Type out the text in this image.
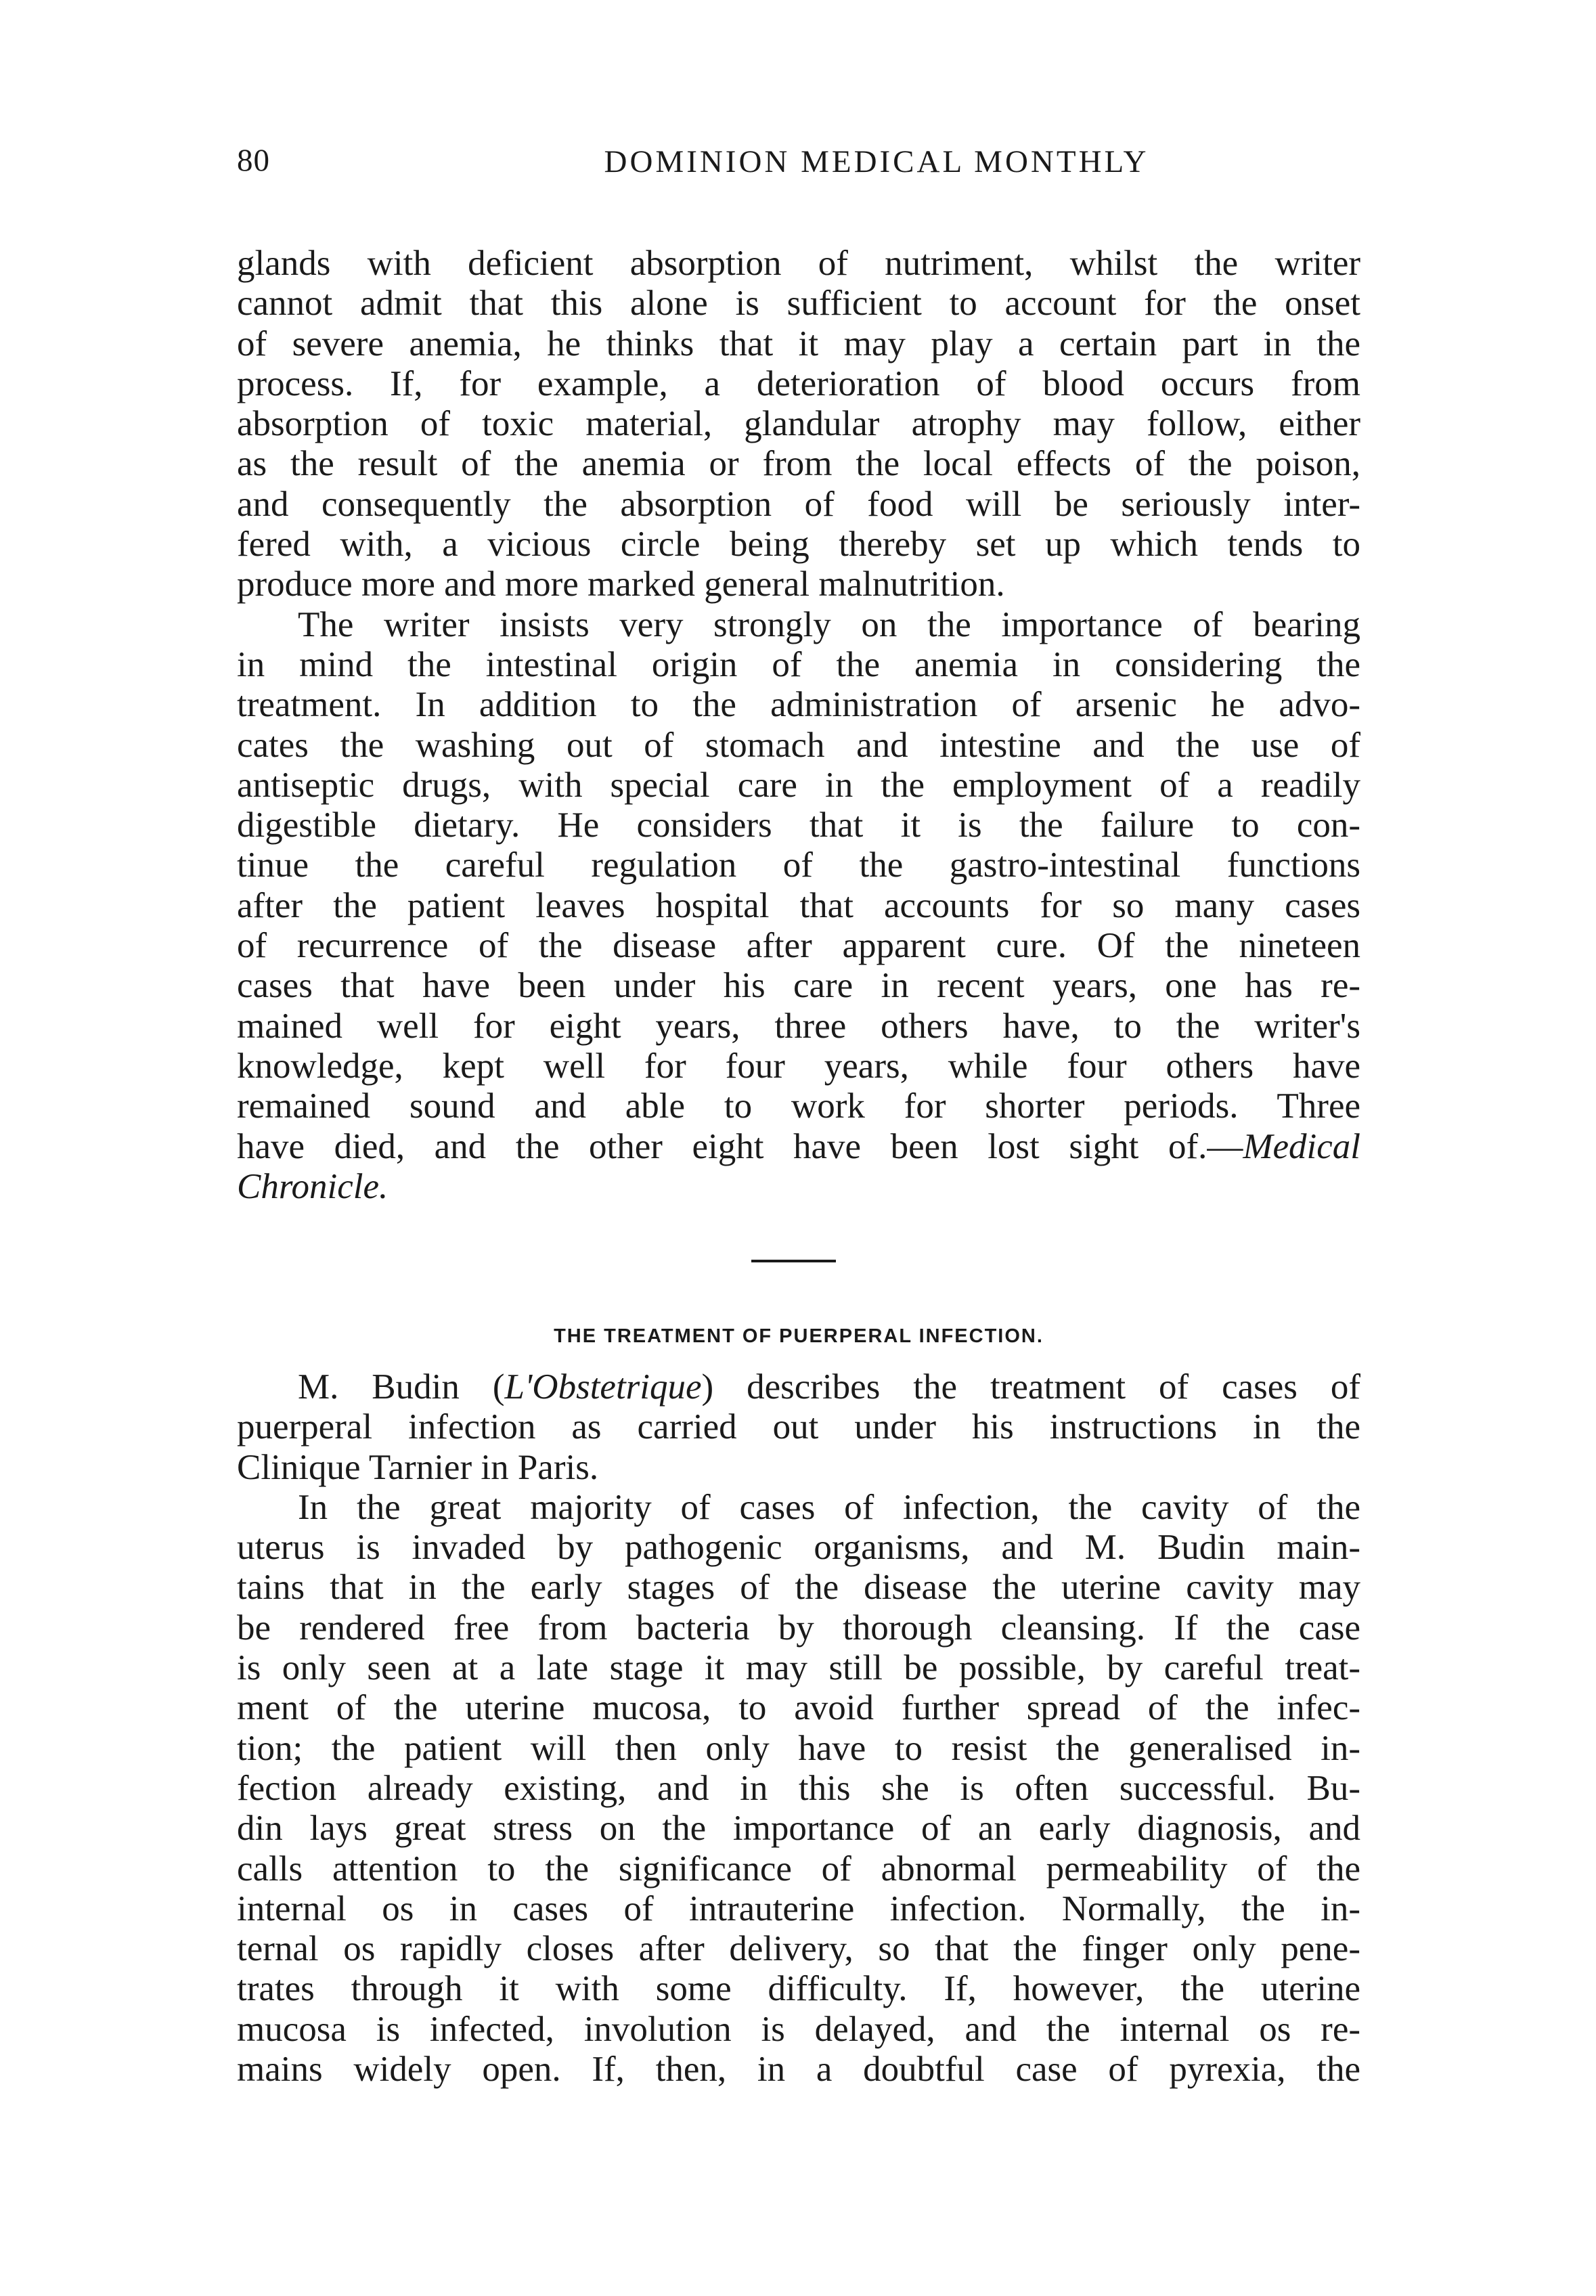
80	DOMINION MEDICAL MONTHLY
glands with deficient absorption of nutriment, whilst the writer
cannot admit that this alone is sufficient to account for the onset
of severe anemia, he thinks that it may play a certain part in the
process. If, for example, a deterioration of blood occurs from
absorption of toxic material, glandular atrophy may follow, either
as the result of the anemia or from the local effects of the poison,
and consequently the absorption of food will be seriously inter-
fered with, a vicious circle being thereby set up which tends to
produce more and more marked general malnutrition.
The writer insists very strongly on the importance of bearing
in mind the intestinal origin of the anemia in considering the
treatment. In addition to the administration of arsenic he advo-
cates the washing out of stomach and intestine and the use of
antiseptic drugs, with special care in the employment of a readily
digestible dietary. He considers that it is the failure to con-
tinue the careful regulation of the gastro-intestinal functions
after the patient leaves hospital that accounts for so many cases
of recurrence of the disease after apparent cure. Of the nineteen
cases that have been under his care in recent years, one has re-
mained well for eight years, three others have, to the writer's
knowledge, kept well for four years, while four others have
remained sound and able to work for shorter periods. Three
have died, and the other eight have been lost sight of.—Medical
Chronicle.
THE TREATMENT OF PUERPERAL INFECTION.
M. Budin (L'Obstetrique) describes the treatment of cases of
puerperal infection as carried out under his instructions in the
Clinique Tarnier in Paris.
In the great majority of cases of infection, the cavity of the
uterus is invaded by pathogenic organisms, and M. Budin main-
tains that in the early stages of the disease the uterine cavity may
be rendered free from bacteria by thorough cleansing. If the case
is only seen at a late stage it may still be possible, by careful treat-
ment of the uterine mucosa, to avoid further spread of the infec-
tion; the patient will then only have to resist the generalised in-
fection already existing, and in this she is often successful. Bu-
din lays great stress on the importance of an early diagnosis, and
calls attention to the significance of abnormal permeability of the
internal os in cases of intrauterine infection. Normally, the in-
ternal os rapidly closes after delivery, so that the finger only pene-
trates through it with some difficulty. If, however, the uterine
mucosa is infected, involution is delayed, and the internal os re-
mains widely open. If, then, in a doubtful case of pyrexia, the
